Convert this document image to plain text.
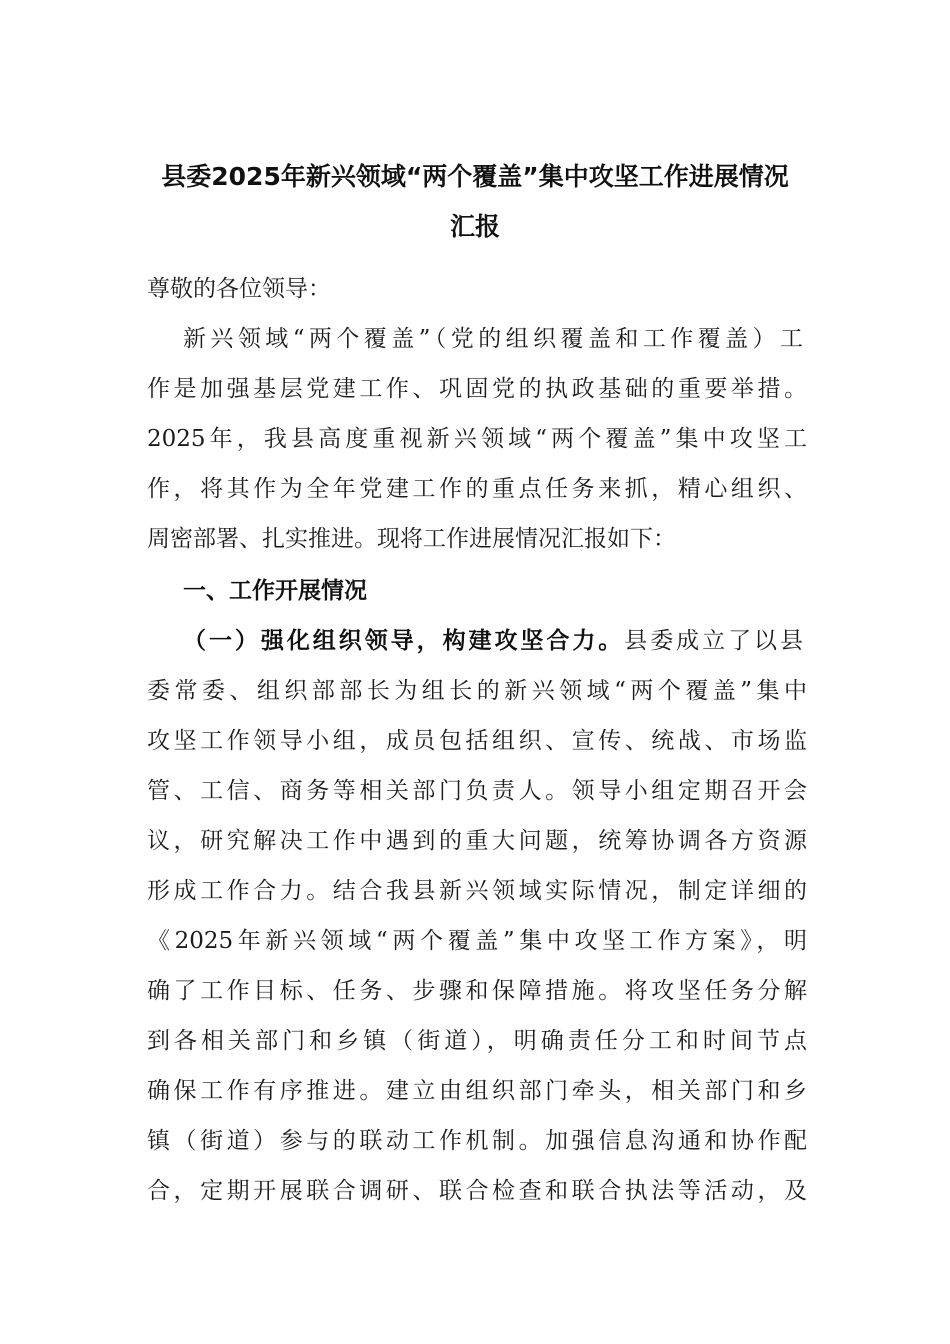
县委2025年新兴领域“两个覆盖”集中攻坚工作进展情况
汇报
尊敬的各位领导：
新兴领域“两个覆盖”（党的组织覆盖和工作覆盖）工
作是加强基层党建工作、巩固党的执政基础的重要举措。
2025年，我县高度重视新兴领域“两个覆盖”集中攻坚工
作，将其作为全年党建工作的重点任务来抓，精心组织、
周密部署、扎实推进。现将工作进展情况汇报如下：
一、工作开展情况
（一）强化组织领导，构建攻坚合力。县委成立了以县
委常委、组织部部长为组长的新兴领域“两个覆盖”集中
攻坚工作领导小组，成员包括组织、宣传、统战、市场监
管、工信、商务等相关部门负责人。领导小组定期召开会
议，研究解决工作中遇到的重大问题，统筹协调各方资源
形成工作合力。结合我县新兴领域实际情况，制定详细的
《2025年新兴领域“两个覆盖”集中攻坚工作方案》，明
确了工作目标、任务、步骤和保障措施。将攻坚任务分解
到各相关部门和乡镇（街道），明确责任分工和时间节点
确保工作有序推进。建立由组织部门牵头，相关部门和乡
镇（街道）参与的联动工作机制。加强信息沟通和协作配
合，定期开展联合调研、联合检查和联合执法等活动，及
